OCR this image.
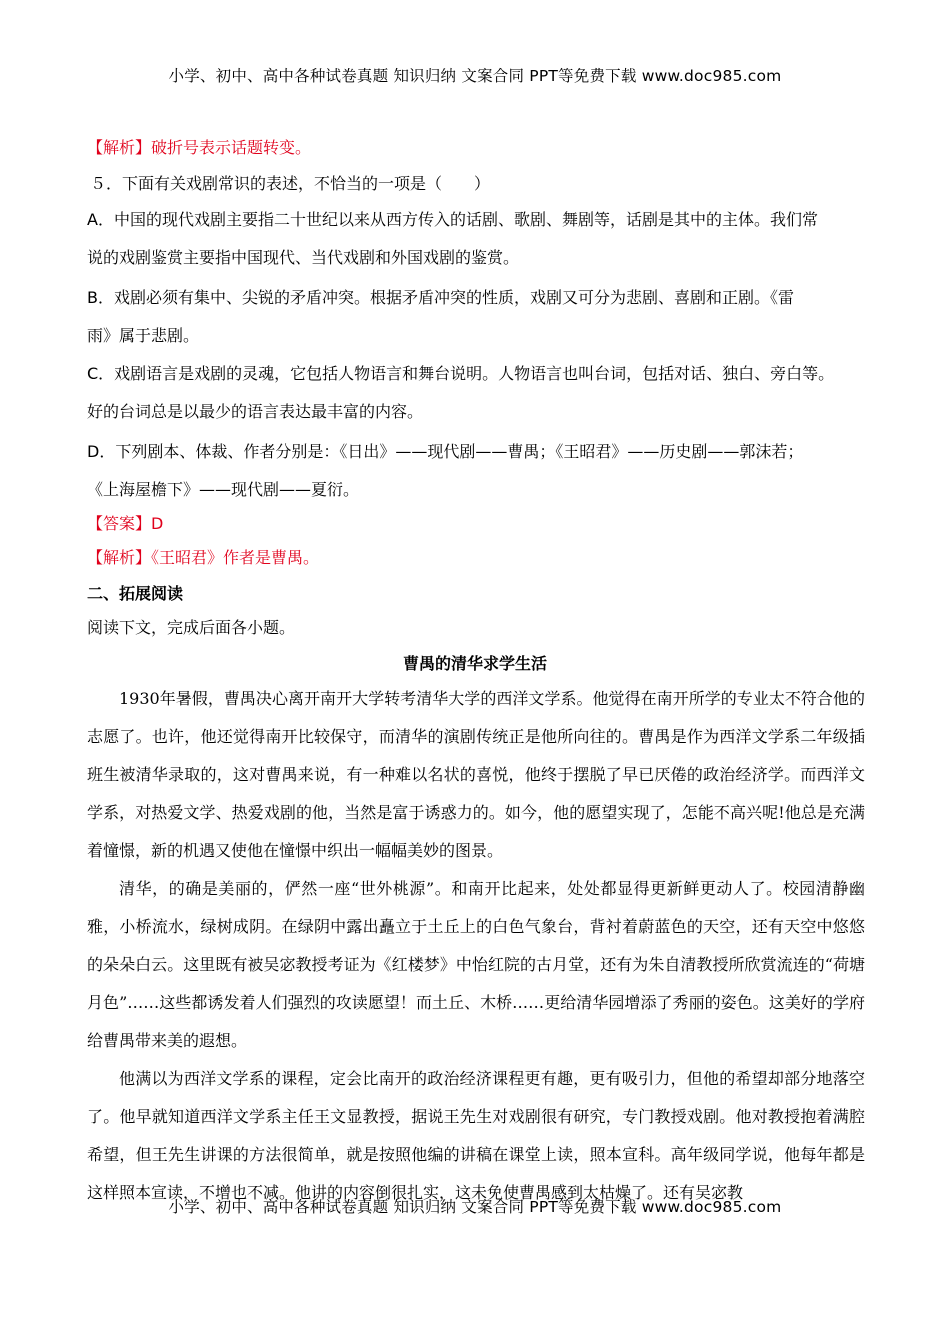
小学、初中、高中各种试卷真题 知识归纳 文案合同 PPT等免费下载 www.doc985.com
【解析】破折号表示话题转变。
５．下面有关戏剧常识的表述，不恰当的一项是（　　）
A．中国的现代戏剧主要指二十世纪以来从西方传入的话剧、歌剧、舞剧等，话剧是其中的主体。我们常
说的戏剧鉴赏主要指中国现代、当代戏剧和外国戏剧的鉴赏。
B．戏剧必须有集中、尖锐的矛盾冲突。根据矛盾冲突的性质，戏剧又可分为悲剧、喜剧和正剧。《雷
雨》属于悲剧。
C．戏剧语言是戏剧的灵魂，它包括人物语言和舞台说明。人物语言也叫台词，包括对话、独白、旁白等。
好的台词总是以最少的语言表达最丰富的内容。
D．下列剧本、体裁、作者分别是：《日出》——现代剧——曹禺；《王昭君》——历史剧——郭沫若；
《上海屋檐下》——现代剧——夏衍。
【答案】D
【解析】《王昭君》作者是曹禺。
二、拓展阅读
阅读下文，完成后面各小题。
曹禺的清华求学生活

1930年暑假，曹禺决心离开南开大学转考清华大学的西洋文学系。他觉得在南开所学的专业太不符合他的志愿了。也许，他还觉得南开比较保守，而清华的演剧传统正是他所向往的。曹禺是作为西洋文学系二年级插班生被清华录取的，这对曹禺来说，有一种难以名状的喜悦，他终于摆脱了早已厌倦的政治经济学。而西洋文学系，对热爱文学、热爱戏剧的他，当然是富于诱惑力的。如今，他的愿望实现了，怎能不高兴呢!他总是充满着憧憬，新的机遇又使他在憧憬中织出一幅幅美妙的图景。

清华，的确是美丽的，俨然一座“世外桃源”。和南开比起来，处处都显得更新鲜更动人了。校园清静幽雅，小桥流水，绿树成阴。在绿阴中露出矗立于土丘上的白色气象台，背衬着蔚蓝色的天空，还有天空中悠悠的朵朵白云。这里既有被吴宓教授考证为《红楼梦》中怡红院的古月堂，还有为朱自清教授所欣赏流连的“荷塘月色”……这些都诱发着人们强烈的攻读愿望！而土丘、木桥……更给清华园增添了秀丽的姿色。这美好的学府给曹禺带来美的遐想。

他满以为西洋文学系的课程，定会比南开的政治经济课程更有趣，更有吸引力，但他的希望却部分地落空了。他早就知道西洋文学系主任王文显教授，据说王先生对戏剧很有研究，专门教授戏剧。他对教授抱着满腔希望，但王先生讲课的方法很简单，就是按照他编的讲稿在课堂上读，照本宣科。高年级同学说，他每年都是这样照本宣读，不增也不减。他讲的内容倒很扎实，这未免使曹禺感到太枯燥了。还有吴宓教

小学、初中、高中各种试卷真题 知识归纳 文案合同 PPT等免费下载 www.doc985.com
